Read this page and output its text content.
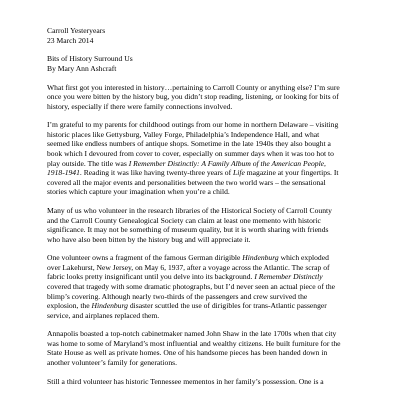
Carroll Yesteryears
23 March 2014
Bits of History Surround Us
By Mary Ann Ashcraft
What first got you interested in history…pertaining to Carroll County or anything else? I’m sure
once you were bitten by the history bug, you didn’t stop reading, listening, or looking for bits of
history, especially if there were family connections involved.
I’m grateful to my parents for childhood outings from our home in northern Delaware – visiting
historic places like Gettysburg, Valley Forge, Philadelphia’s Independence Hall, and what
seemed like endless numbers of antique shops. Sometime in the late 1940s they also bought a
book which I devoured from cover to cover, especially on summer days when it was too hot to
play outside. The title was I Remember Distinctly: A Family Album of the American People,
1918-1941. Reading it was like having twenty-three years of Life magazine at your fingertips. It
covered all the major events and personalities between the two world wars – the sensational
stories which capture your imagination when you’re a child.
Many of us who volunteer in the research libraries of the Historical Society of Carroll County
and the Carroll County Genealogical Society can claim at least one memento with historic
significance. It may not be something of museum quality, but it is worth sharing with friends
who have also been bitten by the history bug and will appreciate it.
One volunteer owns a fragment of the famous German dirigible Hindenburg which exploded
over Lakehurst, New Jersey, on May 6, 1937, after a voyage across the Atlantic. The scrap of
fabric looks pretty insignificant until you delve into its background. I Remember Distinctly
covered that tragedy with some dramatic photographs, but I’d never seen an actual piece of the
blimp’s covering. Although nearly two-thirds of the passengers and crew survived the
explosion, the Hindenburg disaster scuttled the use of dirigibles for trans-Atlantic passenger
service, and airplanes replaced them.
Annapolis boasted a top-notch cabinetmaker named John Shaw in the late 1700s when that city
was home to some of Maryland’s most influential and wealthy citizens. He built furniture for the
State House as well as private homes. One of his handsome pieces has been handed down in
another volunteer’s family for generations.
Still a third volunteer has historic Tennessee mementos in her family’s possession. One is a
